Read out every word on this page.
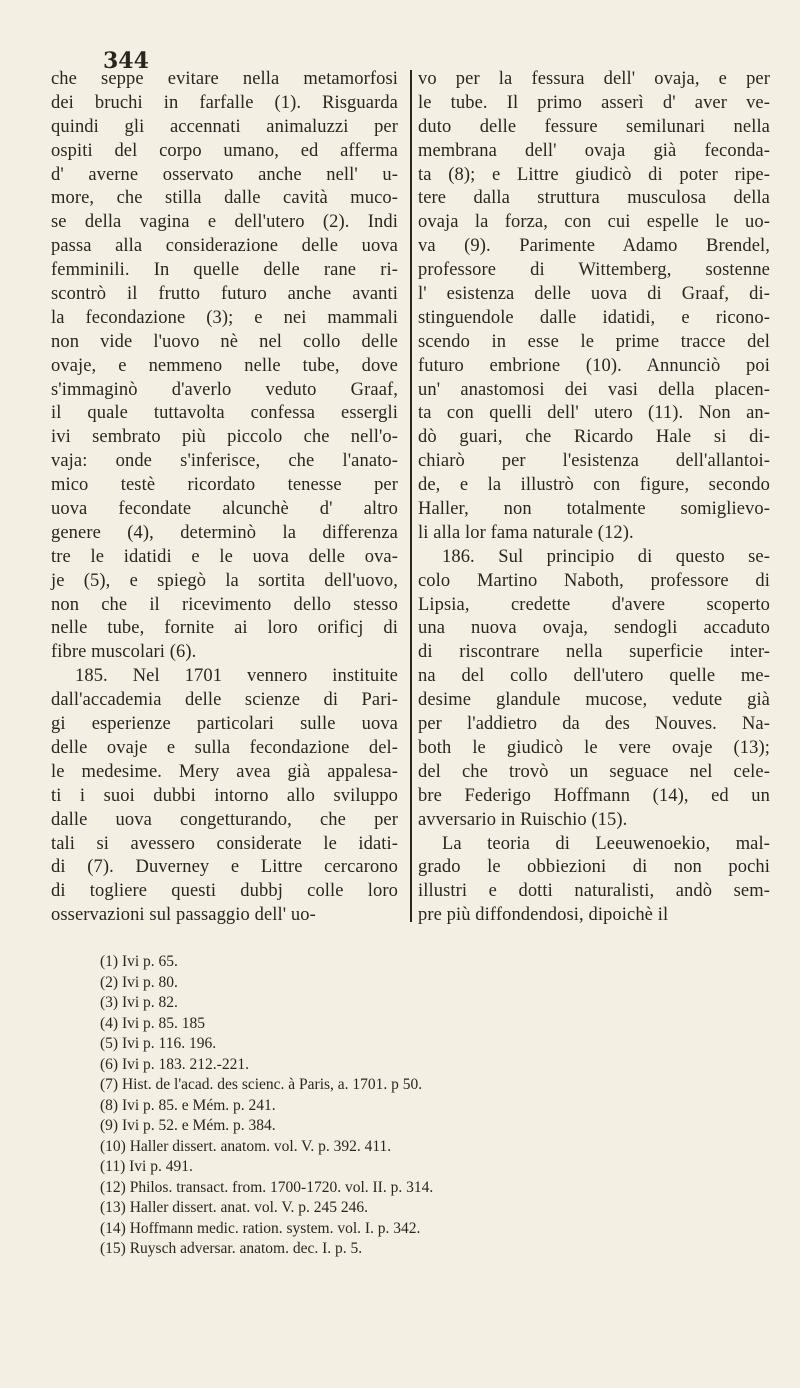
344
che seppe evitare nella metamorfosi
dei bruchi in farfalle (1). Risguarda
quindi gli accennati animaluzzi per
ospiti del corpo umano, ed afferma
d' averne osservato anche nell' u-
more, che stilla dalle cavità muco-
se della vagina e dell'utero (2). Indi
passa alla considerazione delle uova
femminili. In quelle delle rane ri-
scontrò il frutto futuro anche avanti
la fecondazione (3); e nei mammali
non vide l'uovo nè nel collo delle
ovaje, e nemmeno nelle tube, dove
s'immaginò d'averlo veduto Graaf,
il quale tuttavolta confessa essergli
ivi sembrato più piccolo che nell'o-
vaja: onde s'inferisce, che l'anato-
mico testè ricordato tenesse per
uova fecondate alcunchè d' altro
genere (4), determinò la differenza
tre le idatidi e le uova delle ova-
je (5), e spiegò la sortita dell'uovo,
non che il ricevimento dello stesso
nelle tube, fornite ai loro orificj di
fibre muscolari (6).
185. Nel 1701 vennero instituite
dall'accademia delle scienze di Pari-
gi esperienze particolari sulle uova
delle ovaje e sulla fecondazione del-
le medesime. Mery avea già appalesa-
ti i suoi dubbi intorno allo sviluppo
dalle uova congetturando, che per
tali si avessero considerate le idati-
di (7). Duverney e Littre cercarono
di togliere questi dubbj colle loro
osservazioni sul passaggio dell' uo-
vo per la fessura dell' ovaja, e per
le tube. Il primo asserì d' aver ve-
duto delle fessure semilunari nella
membrana dell' ovaja già feconda-
ta (8); e Littre giudicò di poter ripe-
tere dalla struttura musculosa della
ovaja la forza, con cui espelle le uo-
va (9). Parimente Adamo Brendel,
professore di Wittemberg, sostenne
l' esistenza delle uova di Graaf, di-
stinguendole dalle idatidi, e ricono-
scendo in esse le prime tracce del
futuro embrione (10). Annunciò poi
un' anastomosi dei vasi della placen-
ta con quelli dell' utero (11). Non an-
dò guari, che Ricardo Hale si di-
chiarò per l'esistenza dell'allantoi-
de, e la illustrò con figure, secondo
Haller, non totalmente somiglievo-
li alla lor fama naturale (12).
186. Sul principio di questo se-
colo Martino Naboth, professore di
Lipsia, credette d'avere scoperto
una nuova ovaja, sendogli accaduto
di riscontrare nella superficie inter-
na del collo dell'utero quelle me-
desime glandule mucose, vedute già
per l'addietro da des Nouves. Na-
both le giudicò le vere ovaje (13);
del che trovò un seguace nel cele-
bre Federigo Hoffmann (14), ed un
avversario in Ruischio (15).
La teoria di Leeuwenoekio, mal-
grado le obbiezioni di non pochi
illustri e dotti naturalisti, andò sem-
pre più diffondendosi, dipoichè il
(1) Ivi p. 65.
(2) Ivi p. 80.
(3) Ivi p. 82.
(4) Ivi p. 85. 185
(5) Ivi p. 116. 196.
(6) Ivi p. 183. 212.-221.
(7) Hist. de l'acad. des scienc. à Paris, a. 1701. p 50.
(8) Ivi p. 85. e Mém. p. 241.
(9) Ivi p. 52. e Mém. p. 384.
(10) Haller dissert. anatom. vol. V. p. 392. 411.
(11) Ivi p. 491.
(12) Philos. transact. from. 1700-1720. vol. II. p. 314.
(13) Haller dissert. anat. vol. V. p. 245 246.
(14) Hoffmann medic. ration. system. vol. I. p. 342.
(15) Ruysch adversar. anatom. dec. I. p. 5.
